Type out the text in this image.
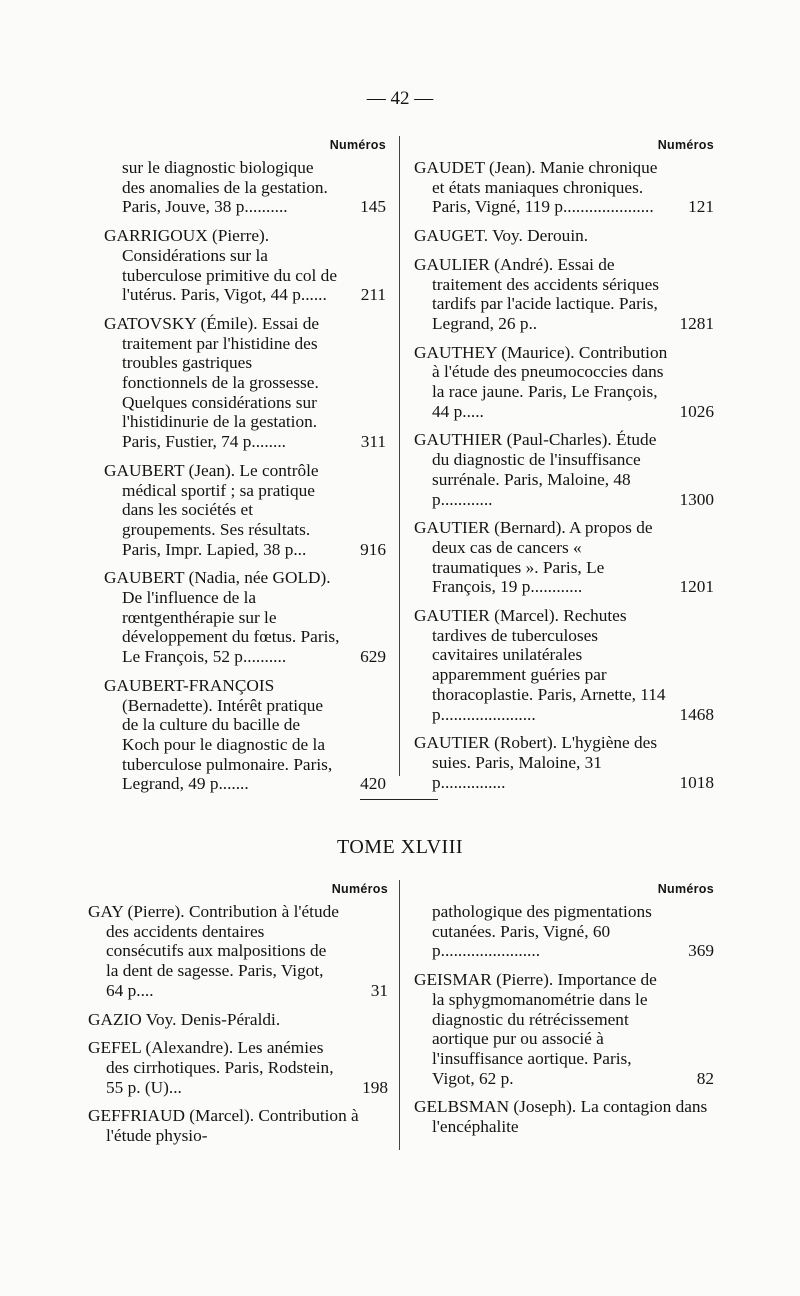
— 42 —
Numéros
sur le diagnostic biologique des anomalies de la gestation. Paris, Jouve, 38 p..........	145
GARRIGOUX (Pierre). Considérations sur la tuberculose primitive du col de l'utérus. Paris, Vigot, 44 p...... 211
GATOVSKY (Émile). Essai de traitement par l'histidine des troubles gastriques fonctionnels de la grossesse. Quelques considérations sur l'histidinurie de la gestation. Paris, Fustier, 74 p........	311
GAUBERT (Jean). Le contrôle médical sportif ; sa pratique dans les sociétés et groupements. Ses résultats. Paris, Impr. Lapied, 38 p...	916
GAUBERT (Nadia, née GOLD). De l'influence de la rœntgenthérapie sur le développement du fœtus. Paris, Le François, 52 p..........	629
GAUBERT-FRANÇOIS (Bernadette). Intérêt pratique de la culture du bacille de Koch pour le diagnostic de la tuberculose pulmonaire. Paris, Legrand, 49 p.......	420
Numéros
GAUDET (Jean). Manie chronique et états maniaques chroniques. Paris, Vigné, 119 p..................... 121
GAUGET. Voy. Derouin.
GAULIER (André). Essai de traitement des accidents sériques tardifs par l'acide lactique. Paris, Legrand, 26 p..	1281
GAUTHEY (Maurice). Contribution à l'étude des pneumococcies dans la race jaune. Paris, Le François, 44 p.....	1026
GAUTHIER (Paul-Charles). Étude du diagnostic de l'insuffisance surrénale. Paris, Maloine, 48 p............	1300
GAUTIER (Bernard). A propos de deux cas de cancers « traumatiques ». Paris, Le François, 19 p............	1201
GAUTIER (Marcel). Rechutes tardives de tuberculoses cavitaires unilatérales apparemment guéries par thoracoplastie. Paris, Arnette, 114 p......................	1468
GAUTIER (Robert). L'hygiène des suies. Paris, Maloine, 31 p...............	1018
TOME XLVIII
Numéros
GAY (Pierre). Contribution à l'étude des accidents dentaires consécutifs aux malpositions de la dent de sagesse. Paris, Vigot, 64 p....	31
GAZIO Voy. Denis-Péraldi.
GEFEL (Alexandre). Les anémies des cirrhotiques. Paris, Rodstein, 55 p. (U)...	198
GEFFRIAUD (Marcel). Contribution à l'étude physio-
Numéros
pathologique des pigmentations cutanées. Paris, Vigné, 60 p.......................	369
GEISMAR (Pierre). Importance de la sphygmomanométrie dans le diagnostic du rétrécissement aortique pur ou associé à l'insuffisance aortique. Paris, Vigot, 62 p.	82
GELBSMAN (Joseph). La contagion dans l'encéphalite
